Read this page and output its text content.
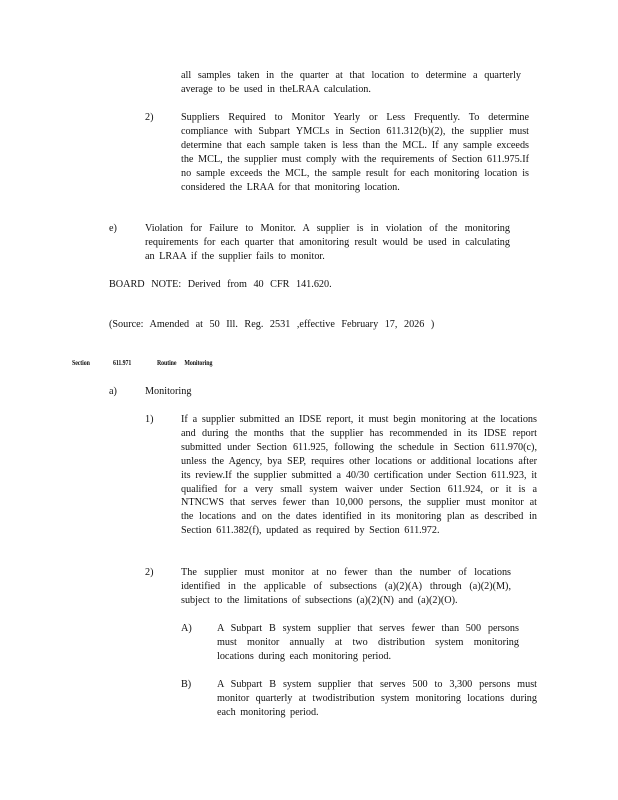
all samples taken in the quarter at that location to determine a quarterly average to be used in theLRAA calculation.

2)	Suppliers Required to Monitor Yearly or Less Frequently. To determine compliance with Subpart YMCLs in Section 611.312(b)(2), the supplier must determine that each sample taken is less than the MCL. If any sample exceeds the MCL, the supplier must comply with the requirements of Section 611.975.If no sample exceeds the MCL, the sample result for each monitoring location is considered the LRAA for that monitoring location.

e)	Violation for Failure to Monitor. A supplier is in violation of the monitoring requirements for each quarter that amonitoring result would be used in calculating an LRAA if the supplier fails to monitor.

BOARD NOTE: Derived from 40 CFR 141.620.

(Source: Amended at 50 Ill. Reg. 2531 ,effective February 17, 2026 )

Section	611.971	Routine Monitoring

a)	Monitoring

1)	If a supplier submitted an IDSE report, it must begin monitoring at the locations and during the months that the supplier has recommended in its IDSE report submitted under Section 611.925, following the schedule in Section 611.970(c), unless the Agency, bya SEP, requires other locations or additional locations after its review.If the supplier submitted a 40/30 certification under Section 611.923, it qualified for a very small system waiver under Section 611.924, or it is a NTNCWS that serves fewer than 10,000 persons, the supplier must monitor at the locations and on the dates identified in its monitoring plan as described in Section 611.382(f), updated as required by Section 611.972.

2)	The supplier must monitor at no fewer than the number of locations identified in the applicable of subsections (a)(2)(A) through (a)(2)(M), subject to the limitations of subsections (a)(2)(N) and (a)(2)(O).

A) A Subpart B system supplier that serves fewer than 500 persons must monitor annually at two distribution system monitoring locations during each monitoring period.

B)	A Subpart B system supplier that serves 500 to 3,300 persons must monitor quarterly at twodistribution system monitoring locations during each monitoring period.
